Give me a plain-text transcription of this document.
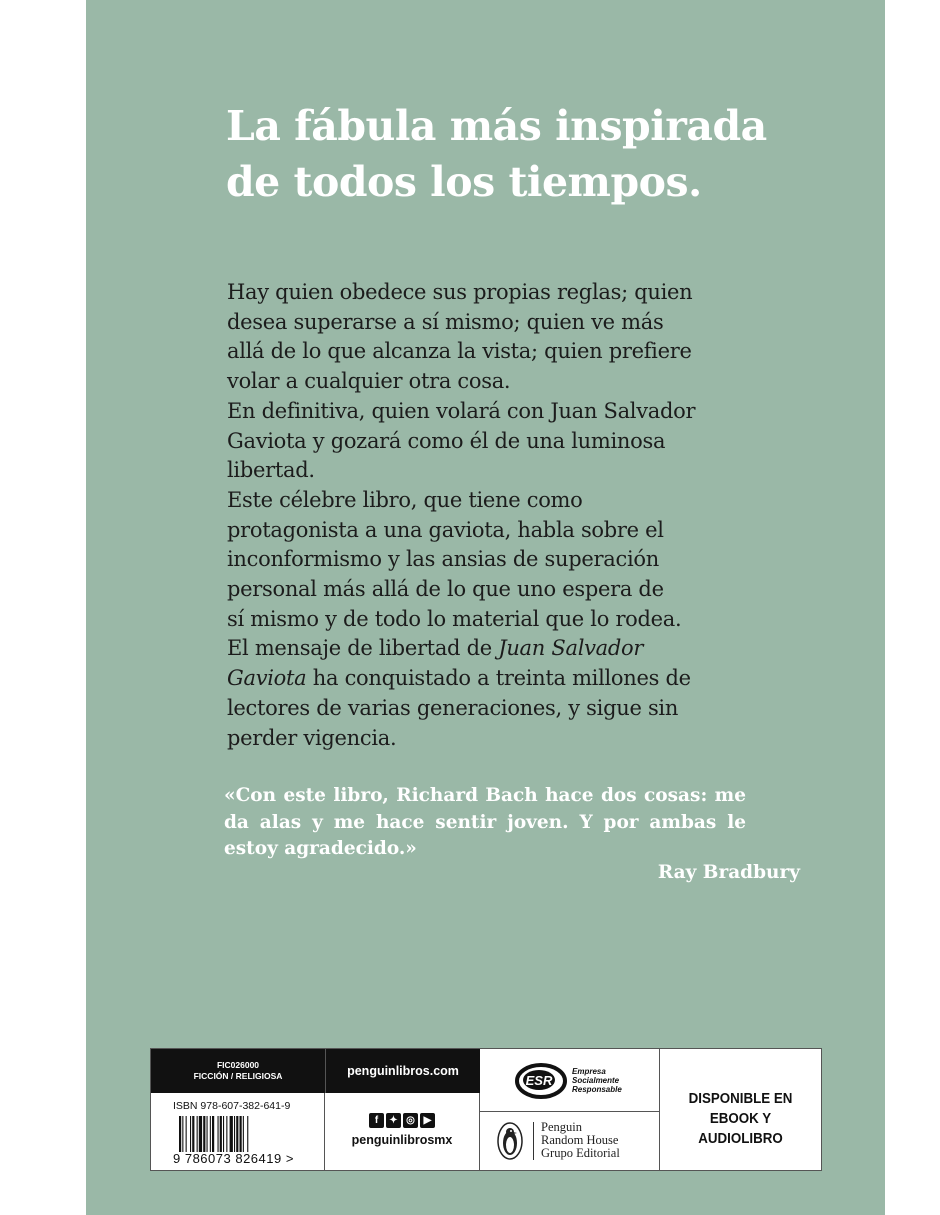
La fábula más inspirada
de todos los tiempos.
Hay quien obedece sus propias reglas; quien
desea superarse a sí mismo; quien ve más
allá de lo que alcanza la vista; quien prefiere
volar a cualquier otra cosa.
En definitiva, quien volará con Juan Salvador
Gaviota y gozará como él de una luminosa
libertad.
Este célebre libro, que tiene como
protagonista a una gaviota, habla sobre el
inconformismo y las ansias de superación
personal más allá de lo que uno espera de
sí mismo y de todo lo material que lo rodea.
El mensaje de libertad de Juan Salvador
Gaviota ha conquistado a treinta millones de
lectores de varias generaciones, y sigue sin
perder vigencia.
«Con este libro, Richard Bach hace dos cosas: me
da alas y me hace sentir joven. Y por ambas le
estoy agradecido.»
Ray Bradbury
FIC026000
FICCIÓN / RELIGIOSA
ISBN 978-607-382-641-9
9 786073 826419 >
penguinlibros.com
f ✦ ◎ ▶
penguinlibrosmx
ESR
Empresa
Socialmente
Responsable
Penguin
Random House
Grupo Editorial
DISPONIBLE EN
EBOOK Y AUDIOLIBRO
